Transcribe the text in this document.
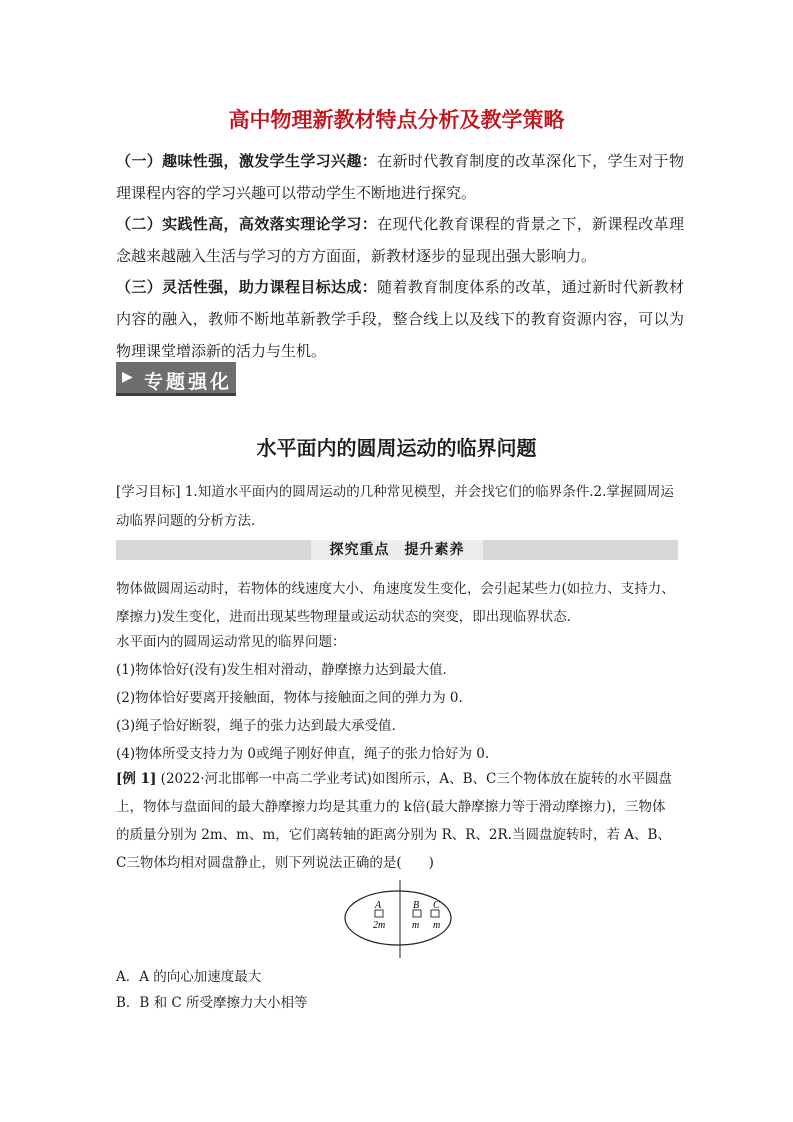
高中物理新教材特点分析及教学策略
（一）趣味性强，激发学生学习兴趣：在新时代教育制度的改革深化下，学生对于物理课程内容的学习兴趣可以带动学生不断地进行探究。
（二）实践性高，高效落实理论学习：在现代化教育课程的背景之下，新课程改革理念越来越融入生活与学习的方方面面，新教材逐步的显现出强大影响力。
（三）灵活性强，助力课程目标达成：随着教育制度体系的改革，通过新时代新教材内容的融入，教师不断地革新教学手段，整合线上以及线下的教育资源内容，可以为物理课堂增添新的活力与生机。
▶ 专题强化
水平面内的圆周运动的临界问题
[学习目标] 1.知道水平面内的圆周运动的几种常见模型，并会找它们的临界条件.2.掌握圆周运动临界问题的分析方法．
探究重点　提升素养
物体做圆周运动时，若物体的线速度大小、角速度发生变化，会引起某些力(如拉力、支持力、摩擦力)发生变化，进而出现某些物理量或运动状态的突变，即出现临界状态．
水平面内的圆周运动常见的临界问题：
(1)物体恰好(没有)发生相对滑动，静摩擦力达到最大值．
(2)物体恰好要离开接触面，物体与接触面之间的弹力为 0.
(3)绳子恰好断裂，绳子的张力达到最大承受值．
(4)物体所受支持力为 0或绳子刚好伸直，绳子的张力恰好为 0.
[例 1] (2022·河北邯郸一中高二学业考试)如图所示，A、B、C三个物体放在旋转的水平圆盘上，物体与盘面间的最大静摩擦力均是其重力的 k倍(最大静摩擦力等于滑动摩擦力)，三物体的质量分别为 2m、m、m，它们离转轴的距离分别为 R、R、2R.当圆盘旋转时，若 A、B、C三物体均相对圆盘静止，则下列说法正确的是(　　)
A	B C
2m	m m
A．A 的向心加速度最大
B．B 和 C 所受摩擦力大小相等
